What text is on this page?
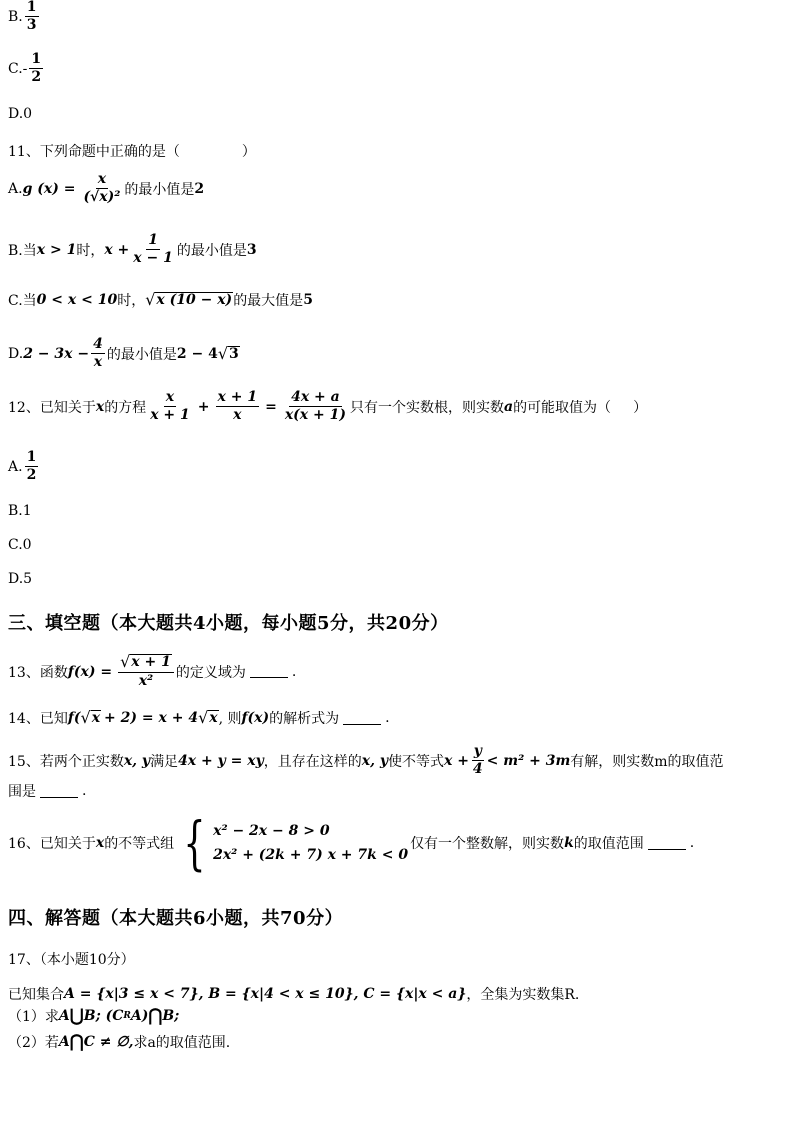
B. $\frac{1}{3}$
$C.- \frac{1}{2}$
D.0
11、下列命题中正确的是（	）
A. g $(x) = \frac{x}{\text{(√x)²}}$ 的最小值是 2
B.当 x > 1 时， $x + \frac{1}{x - 1}$ 的最小值是 3
C.当 0 < x < 10 时， √ x (10 − x) 的最大值是 5
D. $2 - 3x - \frac{4}{x}$ 的最小值是 2 − 4 √ 3
12、已知关于 x 的方程 $\frac{x}{x + 1} + \frac{x + 1}{x} = \frac{4x + a}{x(x + 1)}$ 只有一个实数根，则实数 a 的可能取值为（ ）
A. $\frac{1}{2}$
B.1
C.0
D.5
三、填空题（本大题共4小题，每小题5分，共20分）
13、函数 $f(x) = \frac{√ x + 1}{\text{x²}}$ 的定义域为	.
14、已知 f( √ x + 2) = x + 4 √ x , 则 f(x) 的解析式为	.
15、若两个正实数 x, y 满足 4x + y = xy ，且存在这样的 x, y 使不等式 $x + \frac{y}{4} < m^2 + 3m$ 有解，则实数m的取值范
围是	.
16、已知关于 x 的不等式组 { x² − 2x − 8 > 0
2x² + (2k + 7) x + 7k < 0
仅有一个整数解，则实数 k 的取值范围	.
四、解答题（本大题共6小题，共70分）
17、（本小题10分）
已知集合 A = {x|3 ≤ x < 7} , B = {x|4 < x ≤ 10} , C = {x|x < a} ，全集为实数集R.
（1）求 A ⋃ B; (C R A) ⋂ B;
（2）若 A ⋂ C ≠ ∅, 求a的取值范围.
